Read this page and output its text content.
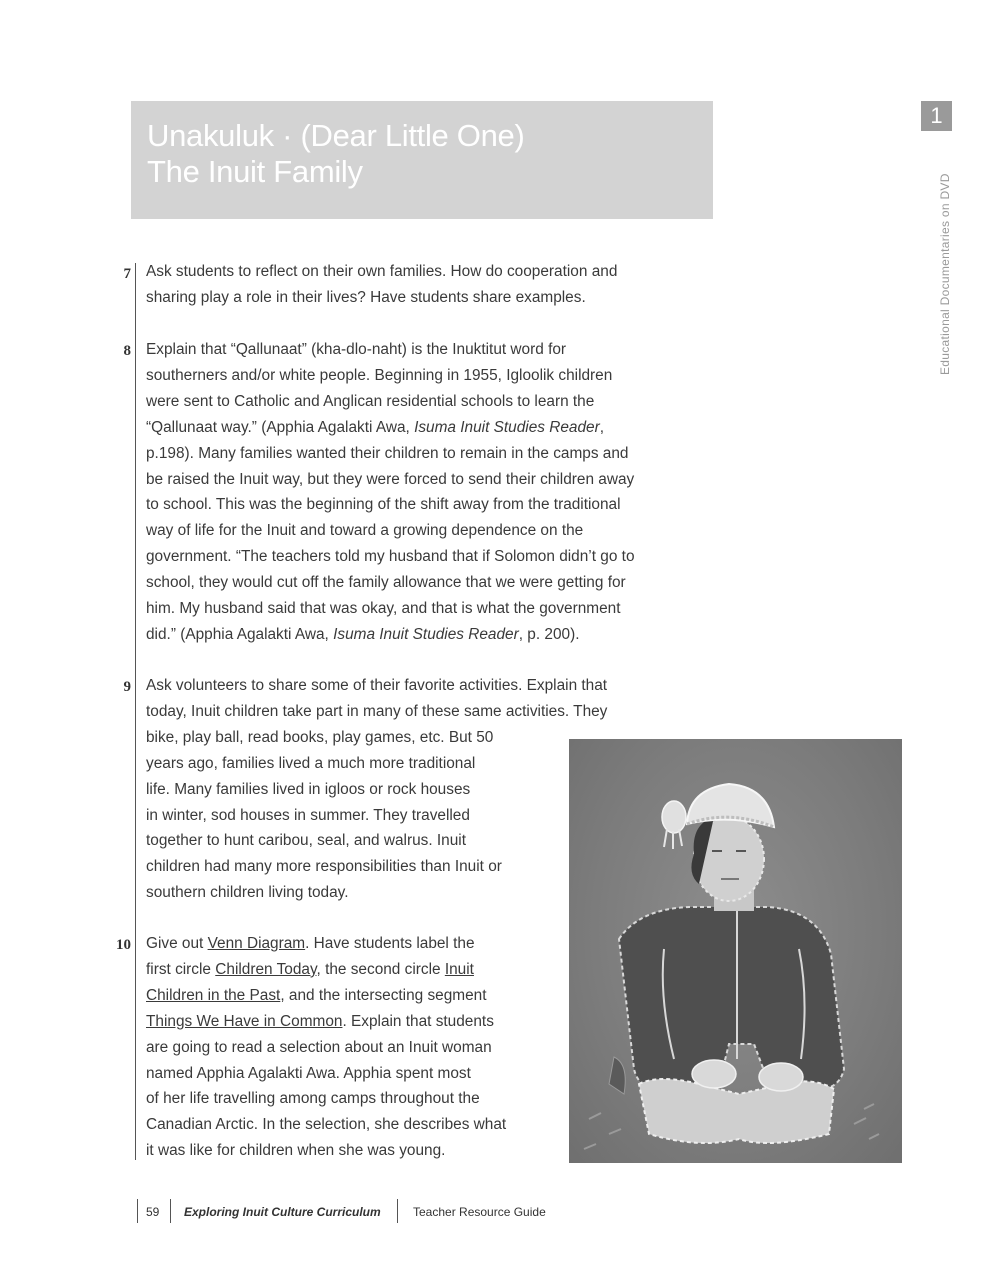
Unakuluk · (Dear Little One)
The Inuit Family
1
Educational Documentaries on DVD
7 Ask students to reflect on their own families. How do cooperation and
sharing play a role in their lives? Have students share examples.
8 Explain that “Qallunaat” (kha-dlo-naht) is the Inuktitut word for
southerners and/or white people. Beginning in 1955, Igloolik children
were sent to Catholic and Anglican residential schools to learn the
“Qallunaat way.” (Apphia Agalakti Awa, Isuma Inuit Studies Reader,
p.198). Many families wanted their children to remain in the camps and
be raised the Inuit way, but they were forced to send their children away
to school. This was the beginning of the shift away from the traditional
way of life for the Inuit and toward a growing dependence on the
government. “The teachers told my husband that if Solomon didn’t go to
school, they would cut off the family allowance that we were getting for
him. My husband said that was okay, and that is what the government
did.” (Apphia Agalakti Awa, Isuma Inuit Studies Reader, p. 200).
9 Ask volunteers to share some of their favorite activities. Explain that
today, Inuit children take part in many of these same activities. They
bike, play ball, read books, play games, etc. But 50
years ago, families lived a much more traditional
life. Many families lived in igloos or rock houses
in winter, sod houses in summer. They travelled
together to hunt caribou, seal, and walrus. Inuit
children had many more responsibilities than Inuit or
southern children living today.
10 Give out Venn Diagram. Have students label the
first circle Children Today, the second circle Inuit
Children in the Past, and the intersecting segment
Things We Have in Common. Explain that students
are going to read a selection about an Inuit woman
named Apphia Agalakti Awa. Apphia spent most
of her life travelling among camps throughout the
Canadian Arctic. In the selection, she describes what
it was like for children when she was young.
59 Exploring Inuit Culture Curriculum	Teacher Resource Guide
